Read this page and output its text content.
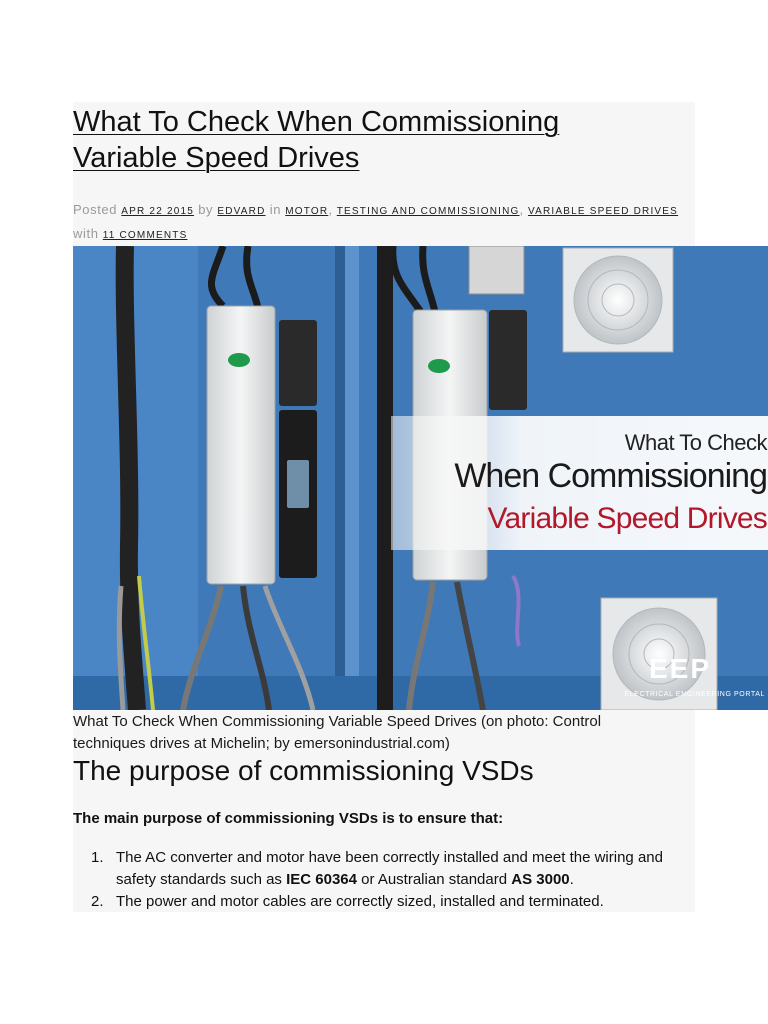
What To Check When Commissioning Variable Speed Drives
Posted APR 22 2015 by EDVARD in MOTOR, TESTING AND COMMISSIONING, VARIABLE SPEED DRIVES
with 11 COMMENTS
What To Check
When Commissioning
Variable Speed Drives
EEP
ELECTRICAL ENGINEERING PORTAL
What To Check When Commissioning Variable Speed Drives (on photo: Control techniques drives at Michelin; by emersonindustrial.com)
The purpose of commissioning VSDs

The main purpose of commissioning VSDs is to ensure that:

1. The AC converter and motor have been correctly installed and meet the wiring and safety standards such as IEC 60364 or Australian standard AS 3000.
2. The power and motor cables are correctly sized, installed and terminated.
